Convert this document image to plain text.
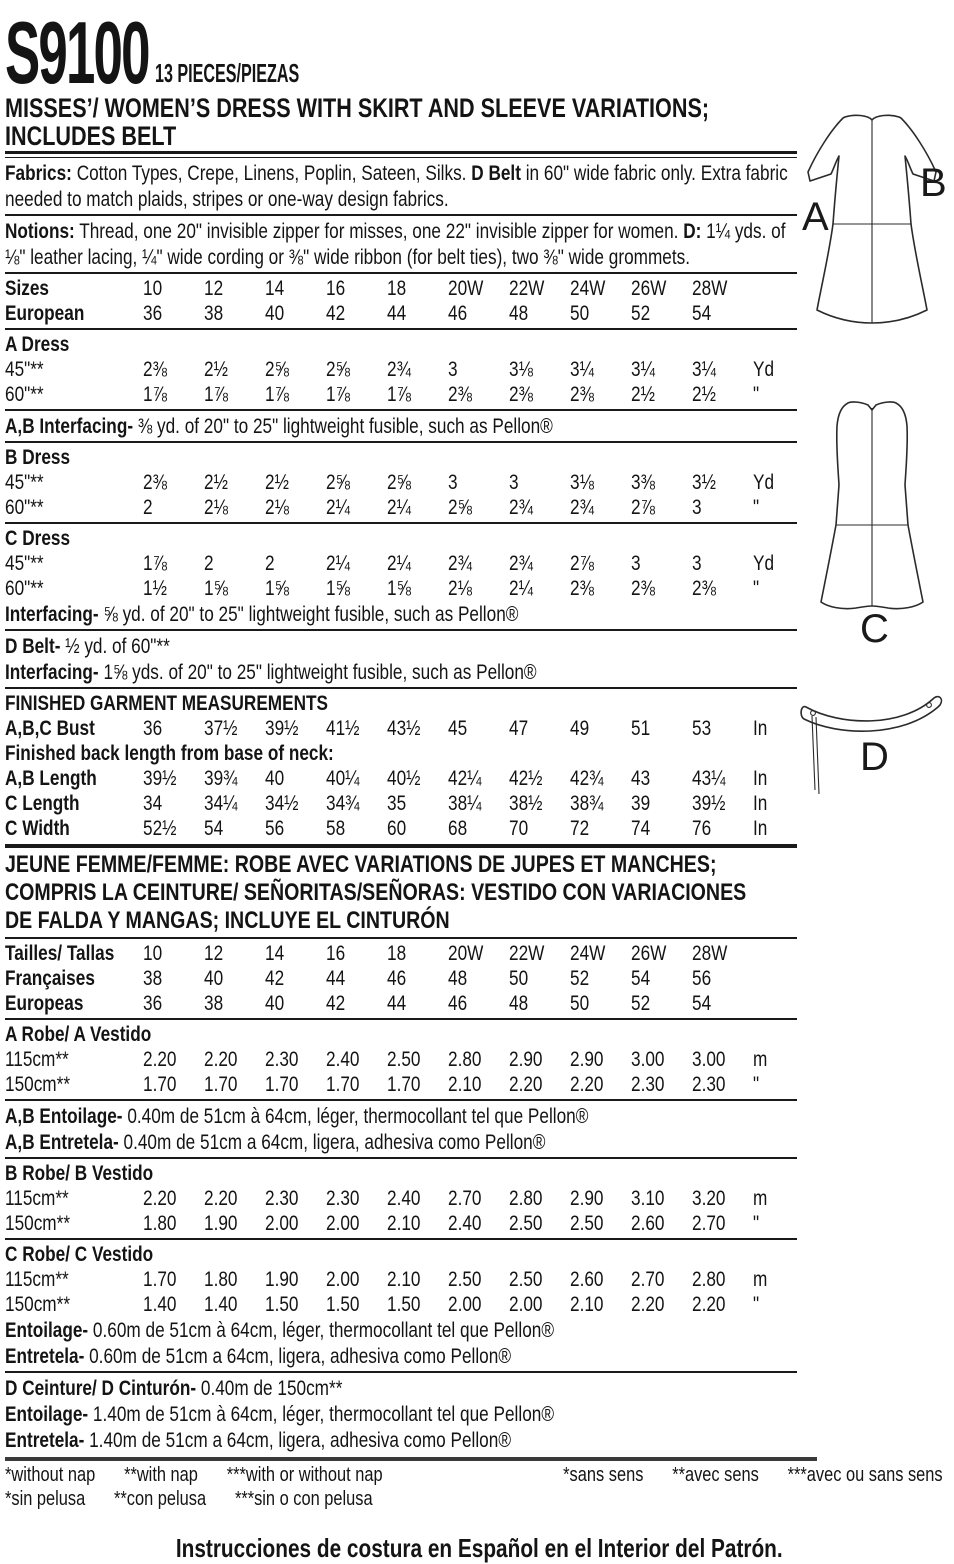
S9100 13 PIECES/PIEZAS
MISSES’/ WOMEN’S DRESS WITH SKIRT AND SLEEVE VARIATIONS; INCLUDES BELT
Fabrics: Cotton Types, Crepe, Linens, Poplin, Sateen, Silks. D Belt in 60" wide fabric only. Extra fabric needed to match plaids, stripes or one-way design fabrics.
Notions: Thread, one 20" invisible zipper for misses, one 22" invisible zipper for women. D: 1¼ yds. of ⅛" leather lacing, ¼" wide cording or ⅜" wide ribbon (for belt ties), two ⅜" wide grommets.
Sizes	10	12	14	16	18	20W	22W	24W	26W	28W
European	36	38	40	42	44	46	48	50	52	54
A Dress
45"**	2⅜	2½	2⅝	2⅝	2¾	3	3⅛	3¼	3¼	3¼	Yd
60"**	1⅞	1⅞	1⅞	1⅞	1⅞	2⅜	2⅜	2⅜	2½	2½	"
A,B Interfacing- ⅜ yd. of 20" to 25" lightweight fusible, such as Pellon®
B Dress
45"**	2⅜	2½	2½	2⅝	2⅝	3	3	3⅛	3⅜	3½	Yd
60"**	2	2⅛	2⅛	2¼	2¼	2⅝	2¾	2¾	2⅞	3	"
C Dress
45"**	1⅞	2	2	2¼	2¼	2¾	2¾	2⅞	3	3	Yd
60"**	1½	1⅝	1⅝	1⅝	1⅝	2⅛	2¼	2⅜	2⅜	2⅜	"
Interfacing- ⅝ yd. of 20" to 25" lightweight fusible, such as Pellon®
D Belt- ½ yd. of 60"**
Interfacing- 1⅝ yds. of 20" to 25" lightweight fusible, such as Pellon®
FINISHED GARMENT MEASUREMENTS
A,B,C Bust	36	37½	39½	41½	43½	45	47	49	51	53	In
Finished back length from base of neck:
A,B Length	39½	39¾	40	40¼	40½	42¼	42½	42¾	43	43¼	In
C Length	34	34¼	34½	34¾	35	38¼	38½	38¾	39	39½	In
C Width	52½	54	56	58	60	68	70	72	74	76	In
JEUNE FEMME/FEMME: ROBE AVEC VARIATIONS DE JUPES ET MANCHES; COMPRIS LA CEINTURE/ SEÑORITAS/SEÑORAS: VESTIDO CON VARIACIONES DE FALDA Y MANGAS; INCLUYE EL CINTURÓN
Tailles/ Tallas	10	12	14	16	18	20W	22W	24W	26W	28W
Françaises	38	40	42	44	46	48	50	52	54	56
Europeas	36	38	40	42	44	46	48	50	52	54
A Robe/ A Vestido
115cm**	2.20	2.20	2.30	2.40	2.50	2.80	2.90	2.90	3.00	3.00	m
150cm**	1.70	1.70	1.70	1.70	1.70	2.10	2.20	2.20	2.30	2.30	"
A,B Entoilage- 0.40m de 51cm à 64cm, léger, thermocollant tel que Pellon®
A,B Entretela- 0.40m de 51cm a 64cm, ligera, adhesiva como Pellon®
B Robe/ B Vestido
115cm**	2.20	2.20	2.30	2.30	2.40	2.70	2.80	2.90	3.10	3.20	m
150cm**	1.80	1.90	2.00	2.00	2.10	2.40	2.50	2.50	2.60	2.70	"
C Robe/ C Vestido
115cm**	1.70	1.80	1.90	2.00	2.10	2.50	2.50	2.60	2.70	2.80	m
150cm**	1.40	1.40	1.50	1.50	1.50	2.00	2.00	2.10	2.20	2.20	"
Entoilage- 0.60m de 51cm à 64cm, léger, thermocollant tel que Pellon®
Entretela- 0.60m de 51cm a 64cm, ligera, adhesiva como Pellon®
D Ceinture/ D Cinturón- 0.40m de 150cm**
Entoilage- 1.40m de 51cm à 64cm, léger, thermocollant tel que Pellon®
Entretela- 1.40m de 51cm a 64cm, ligera, adhesiva como Pellon®
*without nap **with nap ***with or without nap	*sans sens **avec sens ***avec ou sans sens
*sin pelusa **con pelusa ***sin o con pelusa
Instrucciones de costura en Español en el Interior del Patrón.
A
B
C
D
